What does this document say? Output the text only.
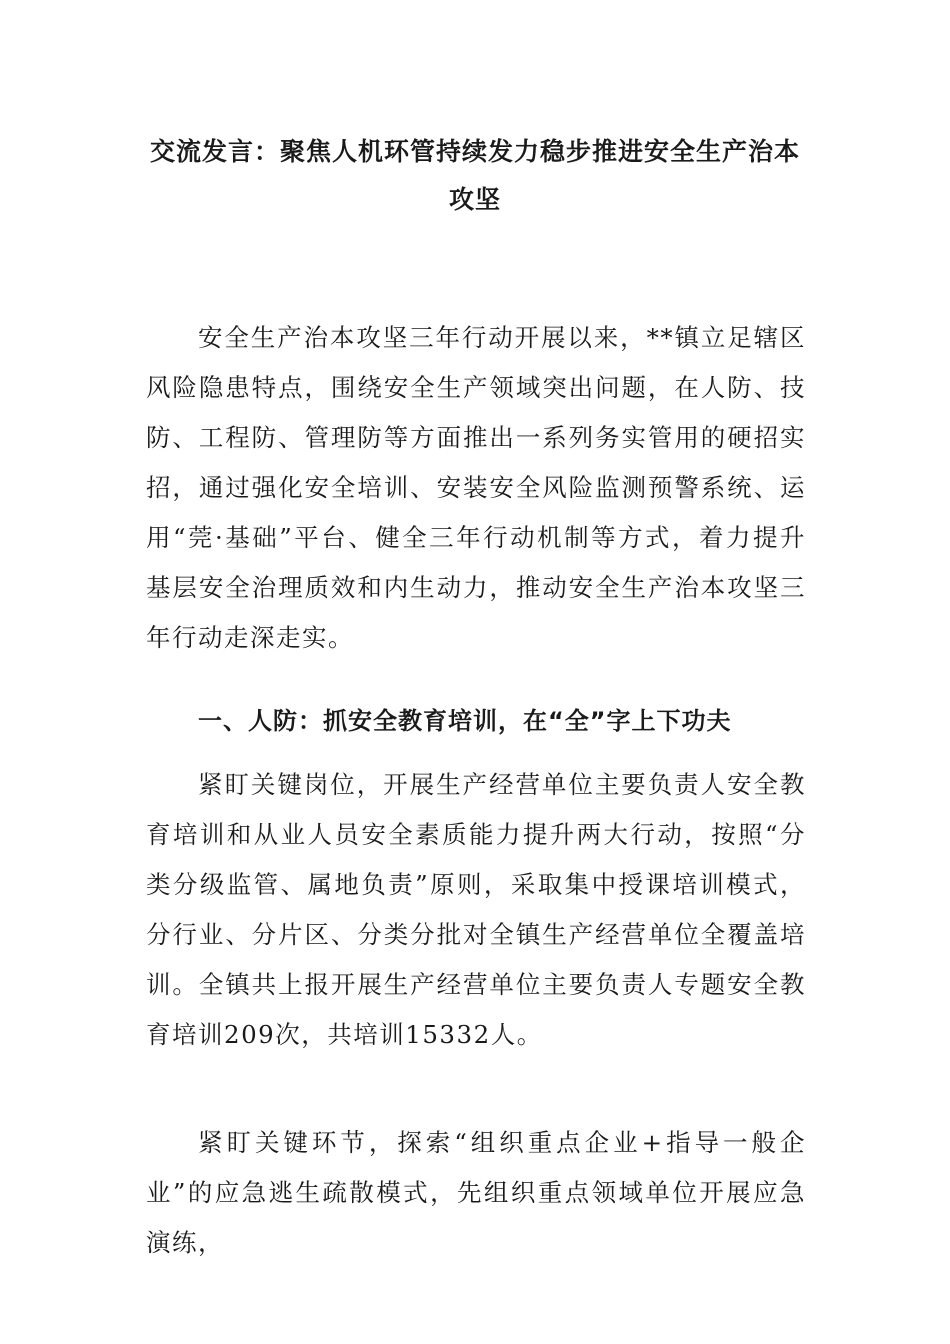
交流发言：聚焦人机环管持续发力稳步推进安全生产治本攻坚
安全生产治本攻坚三年行动开展以来，**镇立足辖区风险隐患特点，围绕安全生产领域突出问题，在人防、技防、工程防、管理防等方面推出一系列务实管用的硬招实招，通过强化安全培训、安装安全风险监测预警系统、运用“莞·基础”平台、健全三年行动机制等方式，着力提升基层安全治理质效和内生动力，推动安全生产治本攻坚三年行动走深走实。
一、人防：抓安全教育培训，在“全”字上下功夫
紧盯关键岗位，开展生产经营单位主要负责人安全教育培训和从业人员安全素质能力提升两大行动，按照“分类分级监管、属地负责”原则，采取集中授课培训模式，分行业、分片区、分类分批对全镇生产经营单位全覆盖培训。全镇共上报开展生产经营单位主要负责人专题安全教育培训209次，共培训15332人。
紧盯关键环节，探索“组织重点企业+指导一般企业”的应急逃生疏散模式，先组织重点领域单位开展应急演练，
